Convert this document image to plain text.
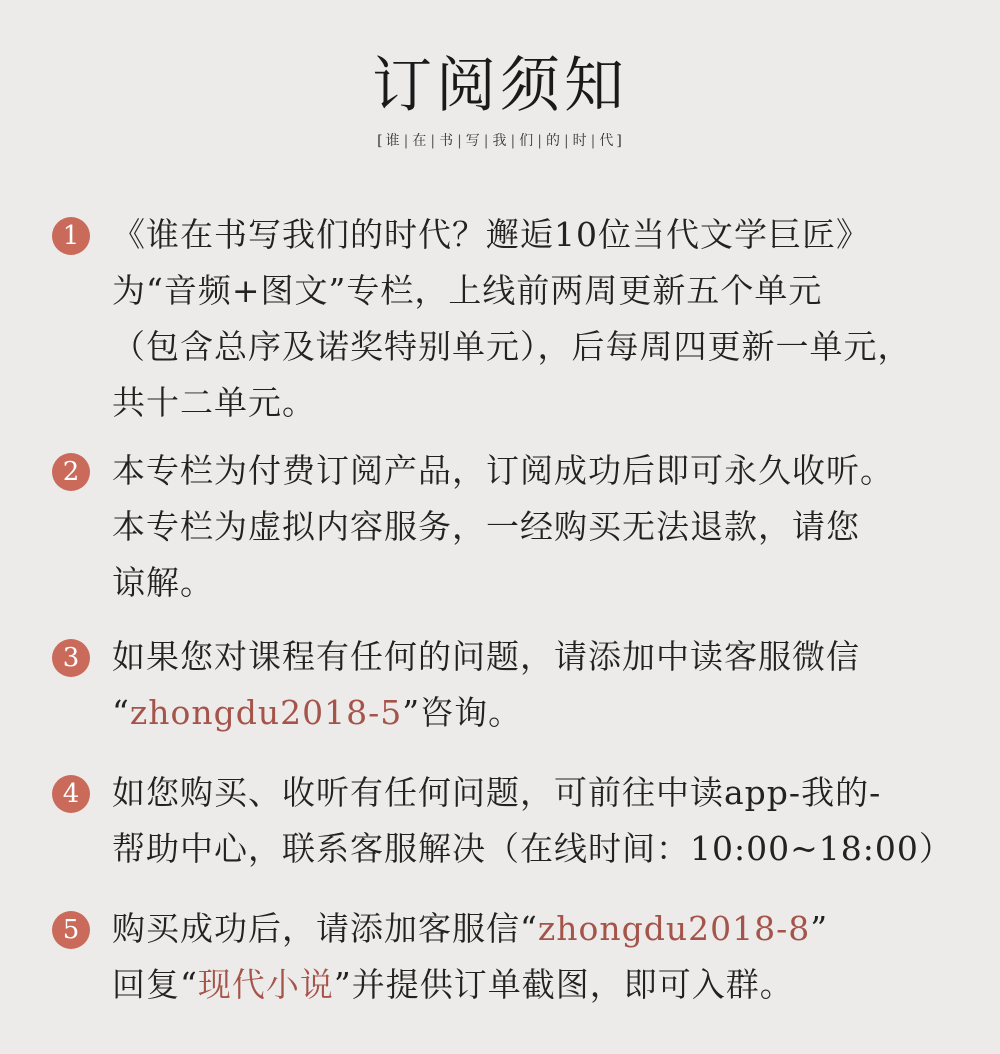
订阅须知
[ 谁 | 在 | 书 | 写 | 我 | 们 | 的 | 时 | 代 ]
1 《谁在书写我们的时代？邂逅10位当代文学巨匠》
为“音频+图文”专栏，上线前两周更新五个单元
（包含总序及诺奖特别单元），后每周四更新一单元，
共十二单元。
2 本专栏为付费订阅产品，订阅成功后即可永久收听。
本专栏为虚拟内容服务，一经购买无法退款，请您
谅解。
3 如果您对课程有任何的问题，请添加中读客服微信
“zhongdu2018-5”咨询。
4 如您购买、收听有任何问题，可前往中读app-我的-
帮助中心，联系客服解决（在线时间：10:00~18:00）
5 购买成功后，请添加客服信“zhongdu2018-8”
回复“现代小说”并提供订单截图，即可入群。
